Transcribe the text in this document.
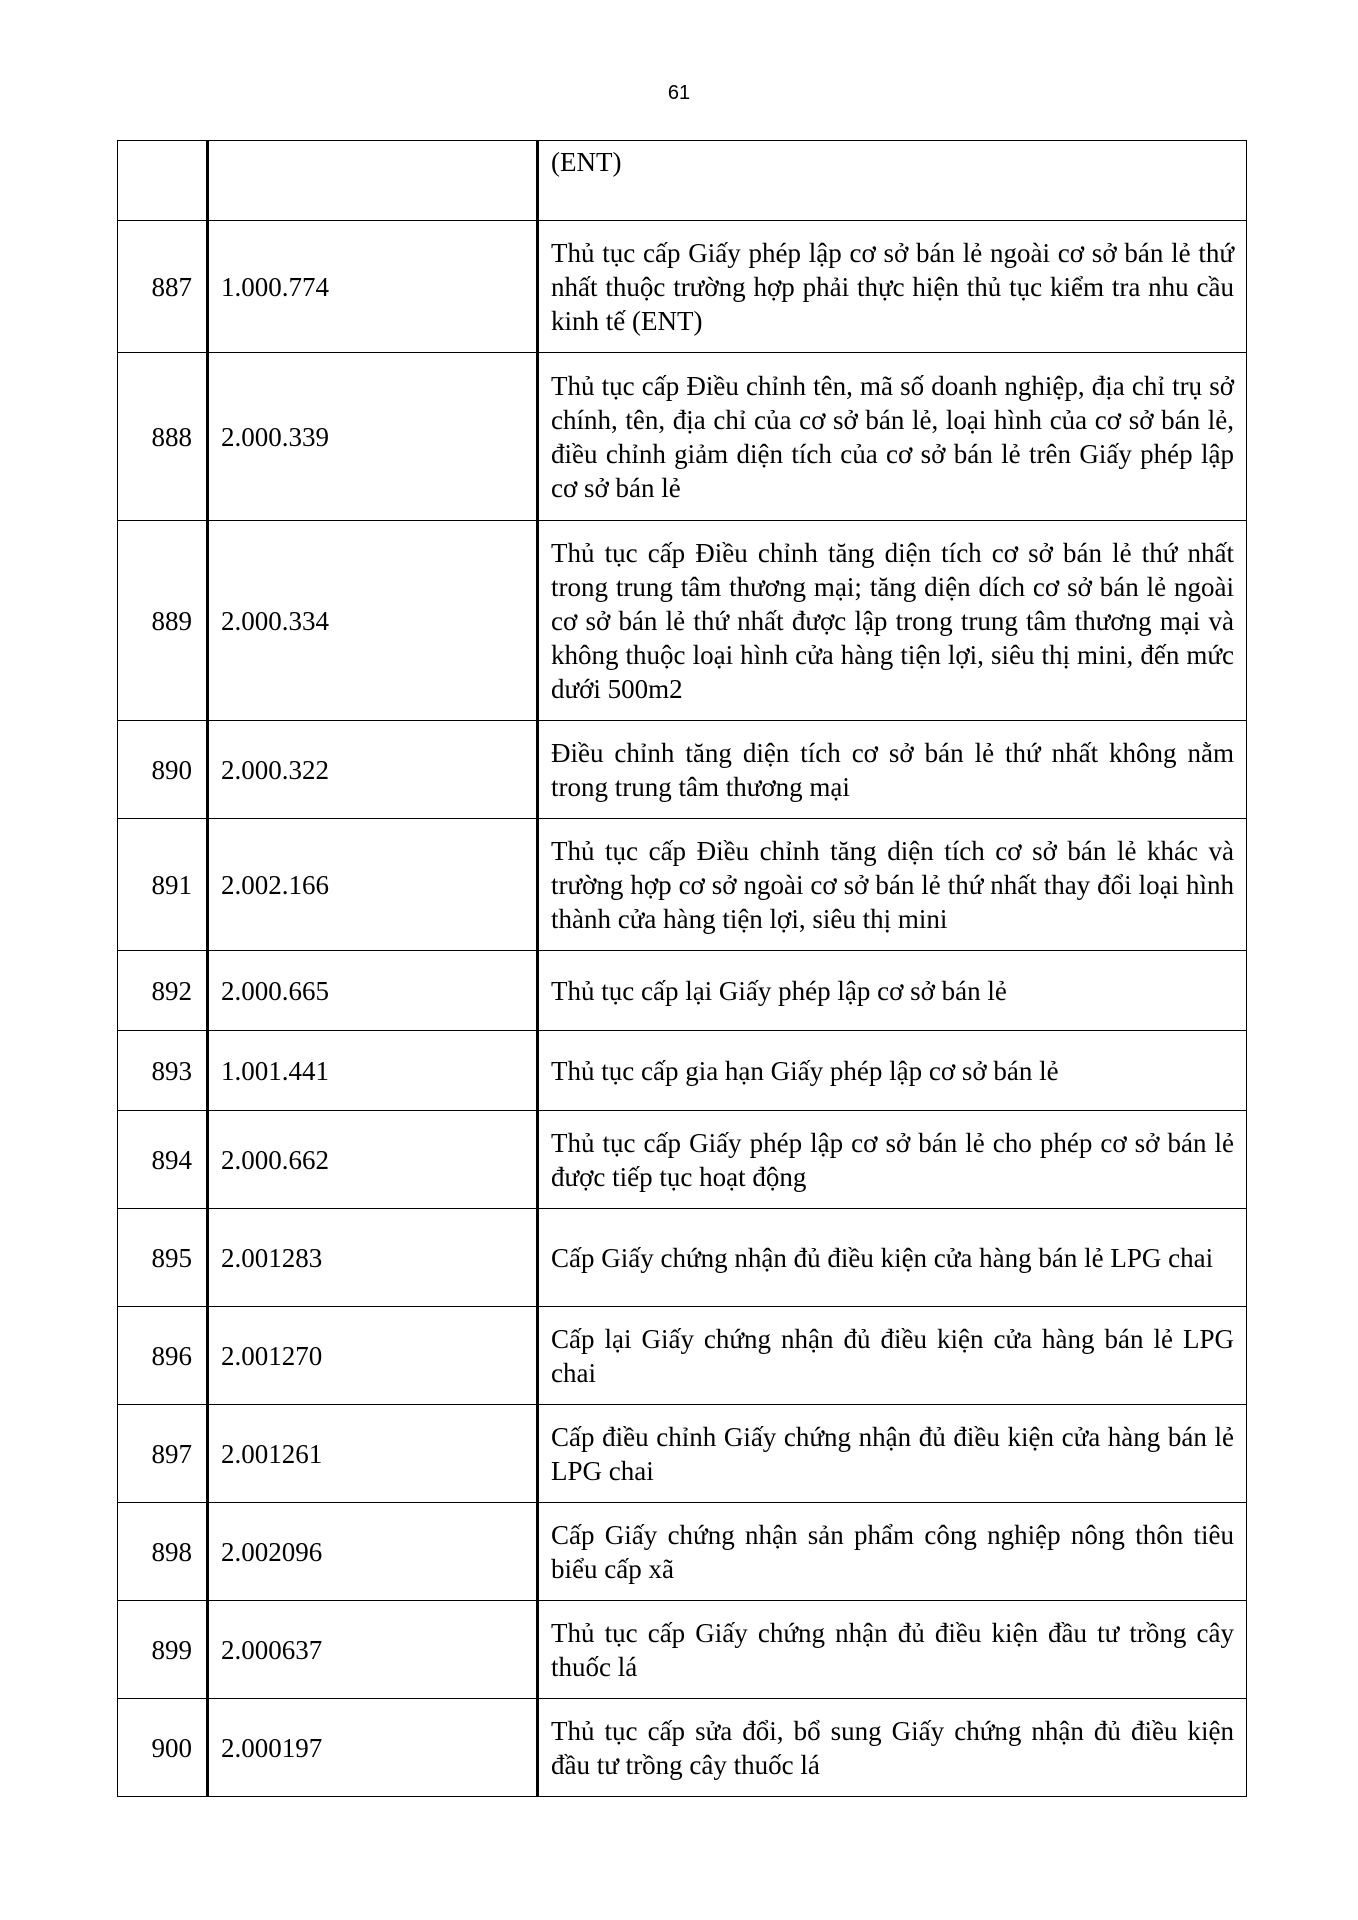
61
		(ENT)
887	1.000.774	Thủ tục cấp Giấy phép lập cơ sở bán lẻ ngoài cơ sở bán lẻ thứ nhất thuộc trường hợp phải thực hiện thủ tục kiểm tra nhu cầu kinh tế (ENT)
888	2.000.339	Thủ tục cấp Điều chỉnh tên, mã số doanh nghiệp, địa chỉ trụ sở chính, tên, địa chỉ của cơ sở bán lẻ, loại hình của cơ sở bán lẻ, điều chỉnh giảm diện tích của cơ sở bán lẻ trên Giấy phép lập cơ sở bán lẻ
889	2.000.334	Thủ tục cấp Điều chỉnh tăng diện tích cơ sở bán lẻ thứ nhất trong trung tâm thương mại; tăng diện dích cơ sở bán lẻ ngoài cơ sở bán lẻ thứ nhất được lập trong trung tâm thương mại và không thuộc loại hình cửa hàng tiện lợi, siêu thị mini, đến mức dưới 500m2
890	2.000.322	Điều chỉnh tăng diện tích cơ sở bán lẻ thứ nhất không nằm trong trung tâm thương mại
891	2.002.166	Thủ tục cấp Điều chỉnh tăng diện tích cơ sở bán lẻ khác và trường hợp cơ sở ngoài cơ sở bán lẻ thứ nhất thay đổi loại hình thành cửa hàng tiện lợi, siêu thị mini
892	2.000.665	Thủ tục cấp lại Giấy phép lập cơ sở bán lẻ
893	1.001.441	Thủ tục cấp gia hạn Giấy phép lập cơ sở bán lẻ
894	2.000.662	Thủ tục cấp Giấy phép lập cơ sở bán lẻ cho phép cơ sở bán lẻ được tiếp tục hoạt động
895	2.001283	Cấp Giấy chứng nhận đủ điều kiện cửa hàng bán lẻ LPG chai
896	2.001270	Cấp lại Giấy chứng nhận đủ điều kiện cửa hàng bán lẻ LPG chai
897	2.001261	Cấp điều chỉnh Giấy chứng nhận đủ điều kiện cửa hàng bán lẻ LPG chai
898	2.002096	Cấp Giấy chứng nhận sản phẩm công nghiệp nông thôn tiêu biểu cấp xã
899	2.000637	Thủ tục cấp Giấy chứng nhận đủ điều kiện đầu tư trồng cây thuốc lá
900	2.000197	Thủ tục cấp sửa đổi, bổ sung Giấy chứng nhận đủ điều kiện đầu tư trồng cây thuốc lá
